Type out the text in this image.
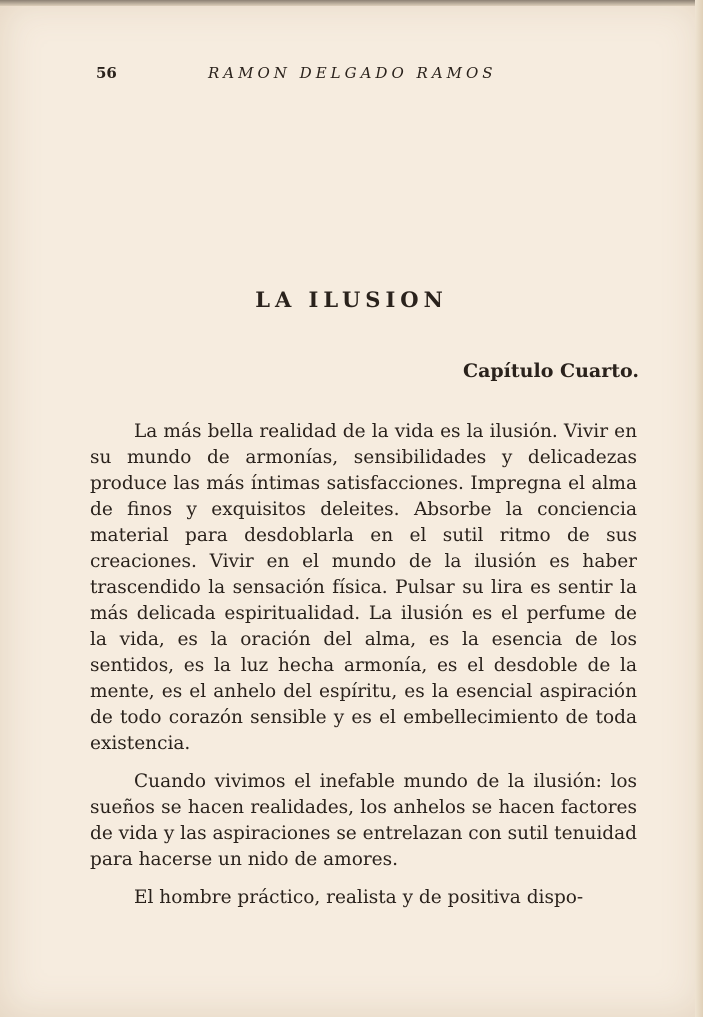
56	RAMON DELGADO RAMOS
LA ILUSION
Capítulo Cuarto.

La más bella realidad de la vida es la ilusión. Vivir en su mundo de armonías, sensibilidades y delicadezas produce las más íntimas satisfacciones. Impregna el alma de finos y exquisitos deleites. Absorbe la conciencia material para desdoblarla en el sutil ritmo de sus creaciones. Vivir en el mundo de la ilusión es haber trascendido la sensación física. Pulsar su lira es sentir la más delicada espiritualidad. La ilusión es el perfume de la vida, es la oración del alma, es la esencia de los sentidos, es la luz hecha armonía, es el desdoble de la mente, es el anhelo del espíritu, es la esencial aspiración de todo corazón sensible y es el embellecimiento de toda existencia.

Cuando vivimos el inefable mundo de la ilusión: los sueños se hacen realidades, los anhelos se hacen factores de vida y las aspiraciones se entrelazan con sutil tenuidad para hacerse un nido de amores.

El hombre práctico, realista y de positiva dispo-
